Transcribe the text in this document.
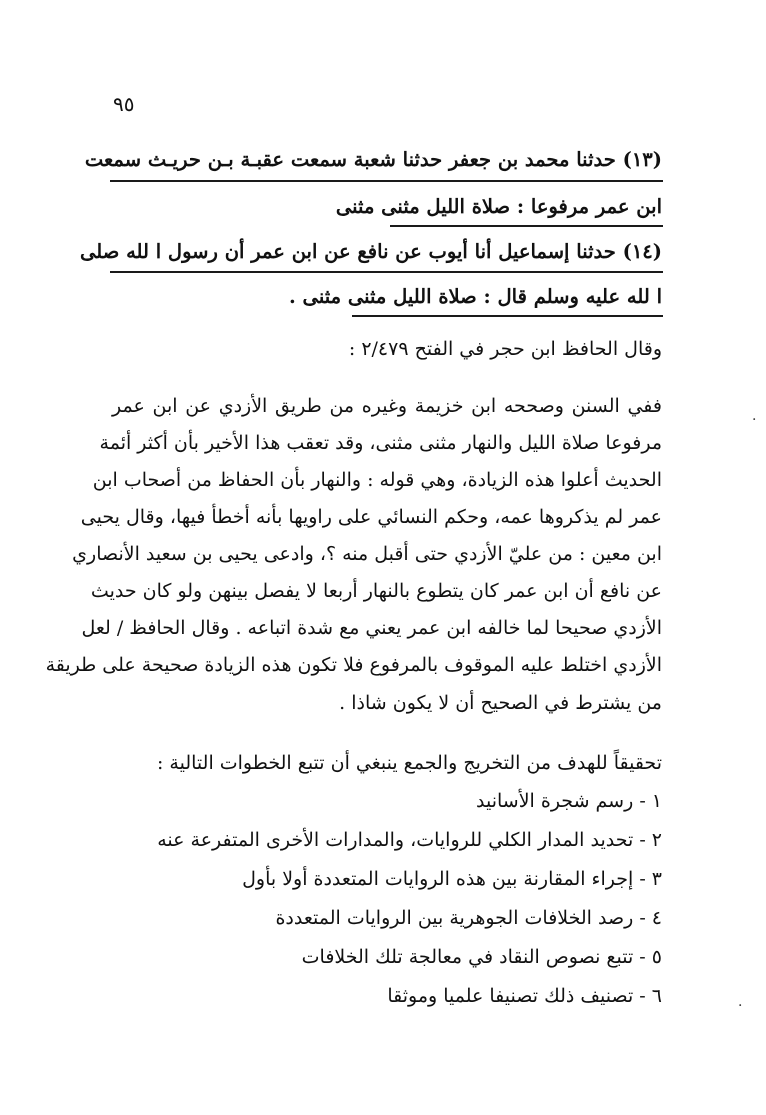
٩٥
(١٣) حدثنا محمد بن جعفر حدثنا شعبة سمعت عقبـة بـن حريـث سمعت
ابن عمر مرفوعا : صلاة الليل مثنى مثنى
(١٤) حدثنا إسماعيل أنا أيوب عن نافع عن ابن عمر أن رسول ا لله صلى
ا لله عليه وسلم قال : صلاة الليل مثنى مثنى .
وقال الحافظ ابن حجر في الفتح ٢/٤٧٩ :
ففي السنن وصححه ابن خزيمة وغيره من طريق الأزدي عن ابن عمر
مرفوعا صلاة الليل والنهار مثنى مثنى، وقد تعقب هذا الأخير بأن أكثر أئمة
الحديث أعلوا هذه الزيادة، وهي قوله : والنهار بأن الحفاظ من أصحاب ابن
عمر لم يذكروها عمه، وحكم النسائي على راويها بأنه أخطأ فيها، وقال يحيى
ابن معين : من عليّ الأزدي حتى أقبل منه ؟، وادعى يحيى بن سعيد الأنصاري
عن نافع أن ابن عمر كان يتطوع بالنهار أربعا لا يفصل بينهن ولو كان حديث
الأزدي صحيحا لما خالفه ابن عمر يعني مع شدة اتباعه . وقال الحافظ / لعل
الأزدي اختلط عليه الموقوف بالمرفوع فلا تكون هذه الزيادة صحيحة على طريقة
من يشترط في الصحيح أن لا يكون شاذا .
تحقيقاً للهدف من التخريج والجمع ينبغي أن تتبع الخطوات التالية :
١ - رسم شجرة الأسانيد
٢ - تحديد المدار الكلي للروايات، والمدارات الأخرى المتفرعة عنه
٣ - إجراء المقارنة بين هذه الروايات المتعددة أولا بأول
٤ - رصد الخلافات الجوهرية بين الروايات المتعددة
٥ - تتبع نصوص النقاد في معالجة تلك الخلافات
٦ - تصنيف ذلك تصنيفا علميا وموثقا
·
·
